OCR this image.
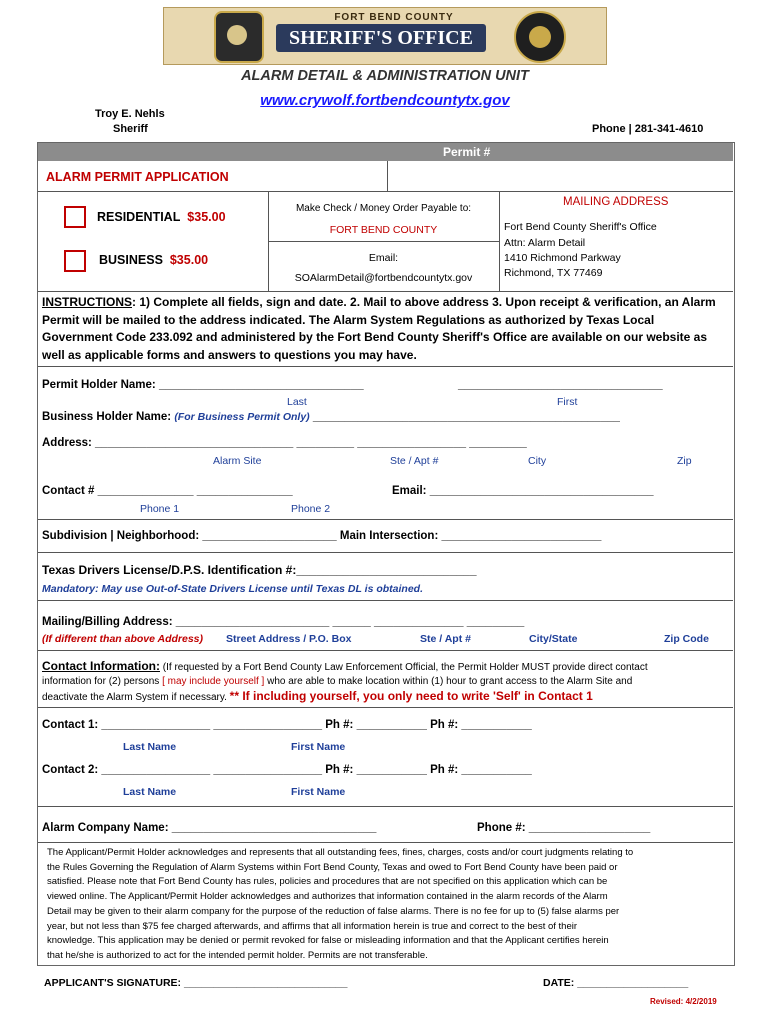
FORT BEND COUNTY
SHERIFF'S OFFICE
ALARM DETAIL & ADMINISTRATION UNIT
www.crywolf.fortbendcountytx.gov
Troy E. Nehls
Sheriff	Phone | 281-341-4610
Permit #
ALARM PERMIT APPLICATION
RESIDENTIAL $35.00
BUSINESS $35.00
Make Check / Money Order Payable to:
FORT BEND COUNTY
Email:
SOAlarmDetail@fortbendcountytx.gov
MAILING ADDRESS
Fort Bend County Sheriff's Office
Attn: Alarm Detail
1410 Richmond Parkway
Richmond, TX 77469
INSTRUCTIONS: 1) Complete all fields, sign and date. 2. Mail to above address 3. Upon receipt & verification, an Alarm
Permit will be mailed to the address indicated. The Alarm System Regulations as authorized by Texas Local
Government Code 233.092 and administered by the Fort Bend County Sheriff's Office are available on our website as
well as applicable forms and answers to questions you may have.
Permit Holder Name: ________________________________	________________________________
Last	First
Business Holder Name: (For Business Permit Only) ________________________________________________
Address: _______________________________ _________ _________________ _________
Alarm Site	Ste / Apt #	City	Zip
Contact # _______________ _______________	Email: ___________________________________
Phone 1	Phone 2
Subdivision | Neighborhood: _____________________ Main Intersection: _________________________
Texas Drivers License/D.P.S. Identification #:___________________________
Mandatory: May use Out-of-State Drivers License until Texas DL is obtained.
Mailing/Billing Address: ________________________ ______ ______________ _________
(If different than above Address) Street Address / P.O. Box	Ste / Apt #	City/State	Zip Code
Contact Information: (If requested by a Fort Bend County Law Enforcement Official, the Permit Holder MUST provide direct contact
information for (2) persons [ may include yourself ] who are able to make location within (1) hour to grant access to the Alarm Site and
deactivate the Alarm System if necessary. ** If including yourself, you only need to write 'Self' in Contact 1
Contact 1: _________________ _________________ Ph #: ___________ Ph #: ___________
Last Name	First Name
Contact 2: _________________ _________________ Ph #: ___________ Ph #: ___________
Last Name	First Name
Alarm Company Name: ________________________________	Phone #: ___________________
The Applicant/Permit Holder acknowledges and represents that all outstanding fees, fines, charges, costs and/or court judgments relating to
the Rules Governing the Regulation of Alarm Systems within Fort Bend County, Texas and owed to Fort Bend County have been paid or
satisfied. Please note that Fort Bend County has rules, policies and procedures that are not specified on this application which can be
viewed online. The Applicant/Permit Holder acknowledges and authorizes that information contained in the alarm records of the Alarm
Detail may be given to their alarm company for the purpose of the reduction of false alarms. There is no fee for up to (5) false alarms per
year, but not less than $75 fee charged afterwards, and affirms that all information herein is true and correct to the best of their
knowledge. This application may be denied or permit revoked for false or misleading information and that the Applicant certifies herein
that he/she is authorized to act for the intended permit holder. Permits are not transferable.
APPLICANT'S SIGNATURE: ____________________________	DATE: ___________________
Revised: 4/2/2019
